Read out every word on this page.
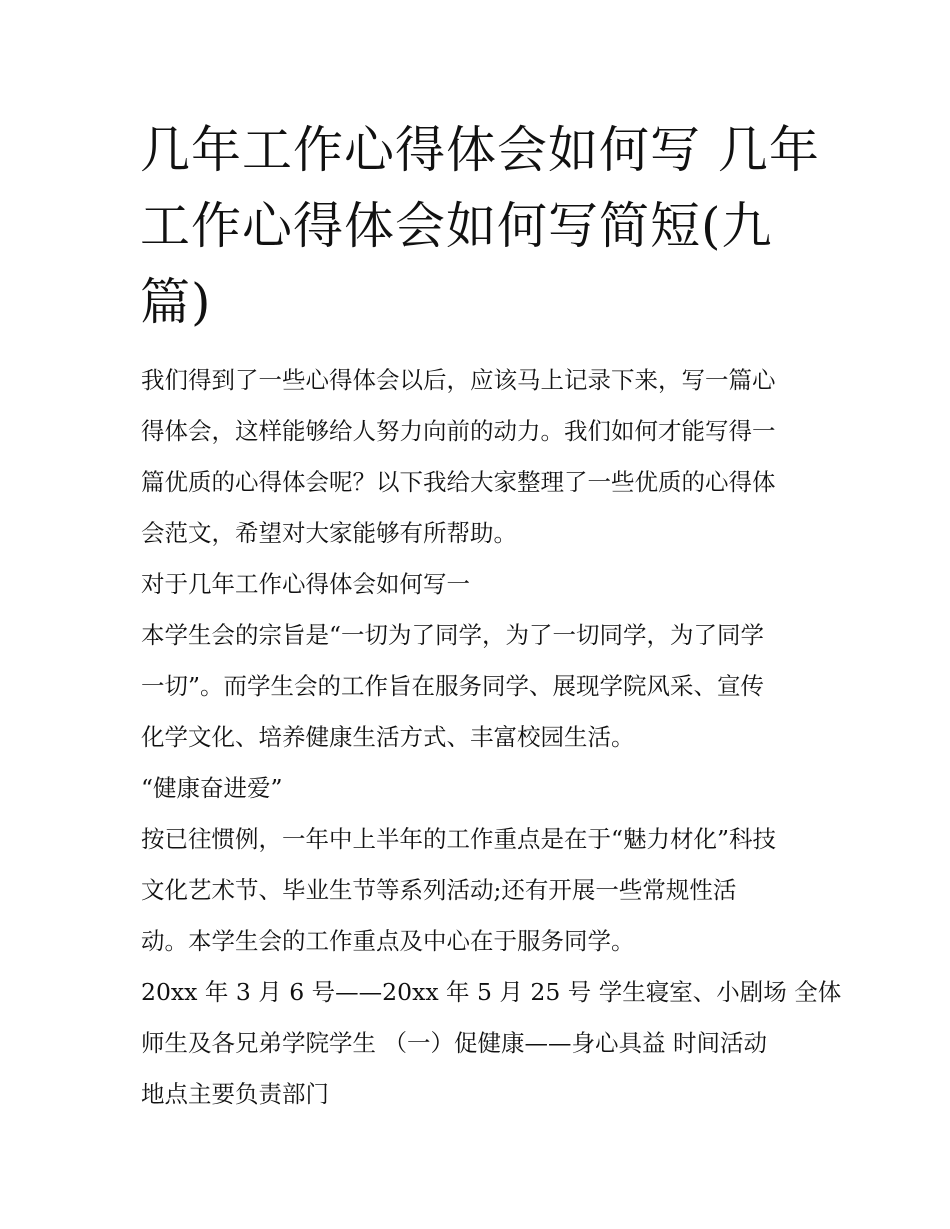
几年工作心得体会如何写 几年工作心得体会如何写简短(九篇)
我们得到了一些心得体会以后，应该马上记录下来，写一篇心
得体会，这样能够给人努力向前的动力。我们如何才能写得一
篇优质的心得体会呢？以下我给大家整理了一些优质的心得体
会范文，希望对大家能够有所帮助。
对于几年工作心得体会如何写一
本学生会的宗旨是“一切为了同学，为了一切同学，为了同学
一切”。而学生会的工作旨在服务同学、展现学院风采、宣传
化学文化、培养健康生活方式、丰富校园生活。
“健康奋进爱”
按已往惯例，一年中上半年的工作重点是在于“魅力材化”科技
文化艺术节、毕业生节等系列活动;还有开展一些常规性活
动。本学生会的工作重点及中心在于服务同学。
20xx 年 3 月 6 号——20xx 年 5 月 25 号 学生寝室、小剧场 全体
师生及各兄弟学院学生 （一）促健康——身心具益 时间活动
地点主要负责部门
